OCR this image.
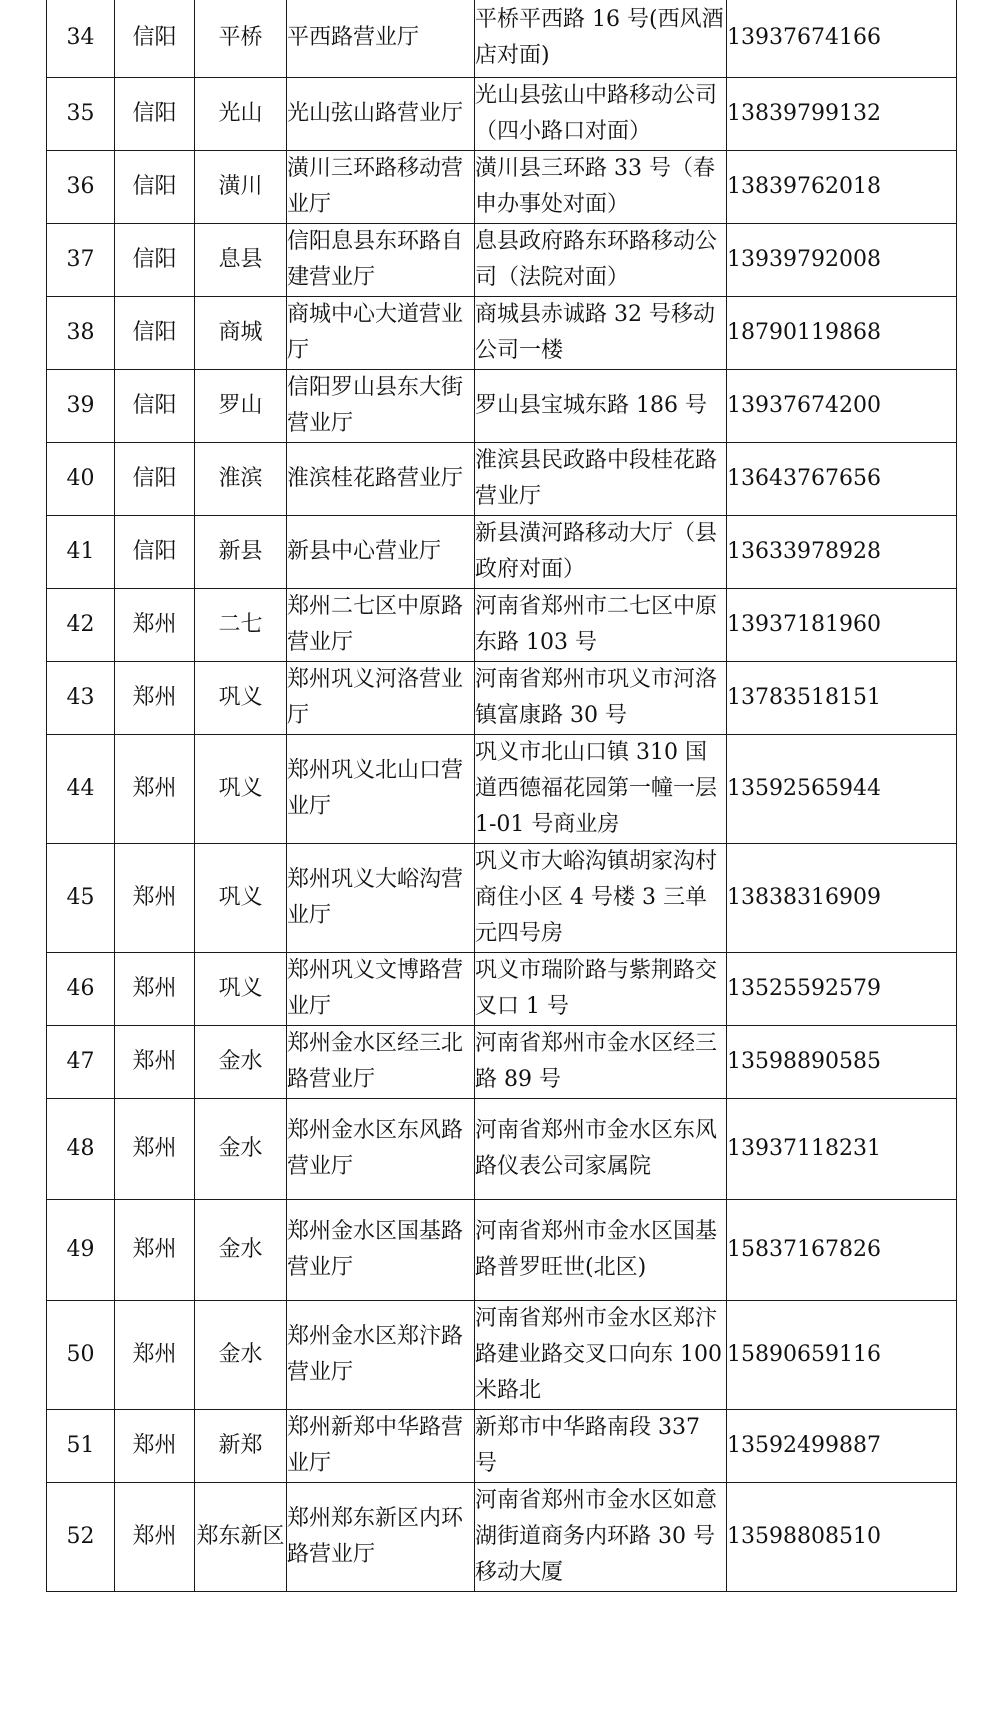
34	信阳	平桥	平西路营业厅	平桥平西路 16 号(西风酒店对面)	13937674166
35	信阳	光山	光山弦山路营业厅	光山县弦山中路移动公司（四小路口对面）	13839799132
36	信阳	潢川	潢川三环路移动营业厅	潢川县三环路 33 号（春申办事处对面）	13839762018
37	信阳	息县	信阳息县东环路自建营业厅	息县政府路东环路移动公司（法院对面）	13939792008
38	信阳	商城	商城中心大道营业厅	商城县赤诚路 32 号移动公司一楼	18790119868
39	信阳	罗山	信阳罗山县东大街营业厅	罗山县宝城东路 186 号	13937674200
40	信阳	淮滨	淮滨桂花路营业厅	淮滨县民政路中段桂花路营业厅	13643767656
41	信阳	新县	新县中心营业厅	新县潢河路移动大厅（县政府对面）	13633978928
42	郑州	二七	郑州二七区中原路营业厅	河南省郑州市二七区中原东路 103 号	13937181960
43	郑州	巩义	郑州巩义河洛营业厅	河南省郑州市巩义市河洛镇富康路 30 号	13783518151
44	郑州	巩义	郑州巩义北山口营业厅	巩义市北山口镇 310 国道西德福花园第一幢一层 1-01 号商业房	13592565944
45	郑州	巩义	郑州巩义大峪沟营业厅	巩义市大峪沟镇胡家沟村商住小区 4 号楼 3 三单元四号房	13838316909
46	郑州	巩义	郑州巩义文博路营业厅	巩义市瑞阶路与紫荆路交叉口 1 号	13525592579
47	郑州	金水	郑州金水区经三北路营业厅	河南省郑州市金水区经三路 89 号	13598890585
48	郑州	金水	郑州金水区东风路营业厅	河南省郑州市金水区东风路仪表公司家属院	13937118231
49	郑州	金水	郑州金水区国基路营业厅	河南省郑州市金水区国基路普罗旺世(北区)	15837167826
50	郑州	金水	郑州金水区郑汴路营业厅	河南省郑州市金水区郑汴路建业路交叉口向东 100 米路北	15890659116
51	郑州	新郑	郑州新郑中华路营业厅	新郑市中华路南段 337 号	13592499887
52	郑州	郑东新区	郑州郑东新区内环路营业厅	河南省郑州市金水区如意湖街道商务内环路 30 号移动大厦	13598808510
